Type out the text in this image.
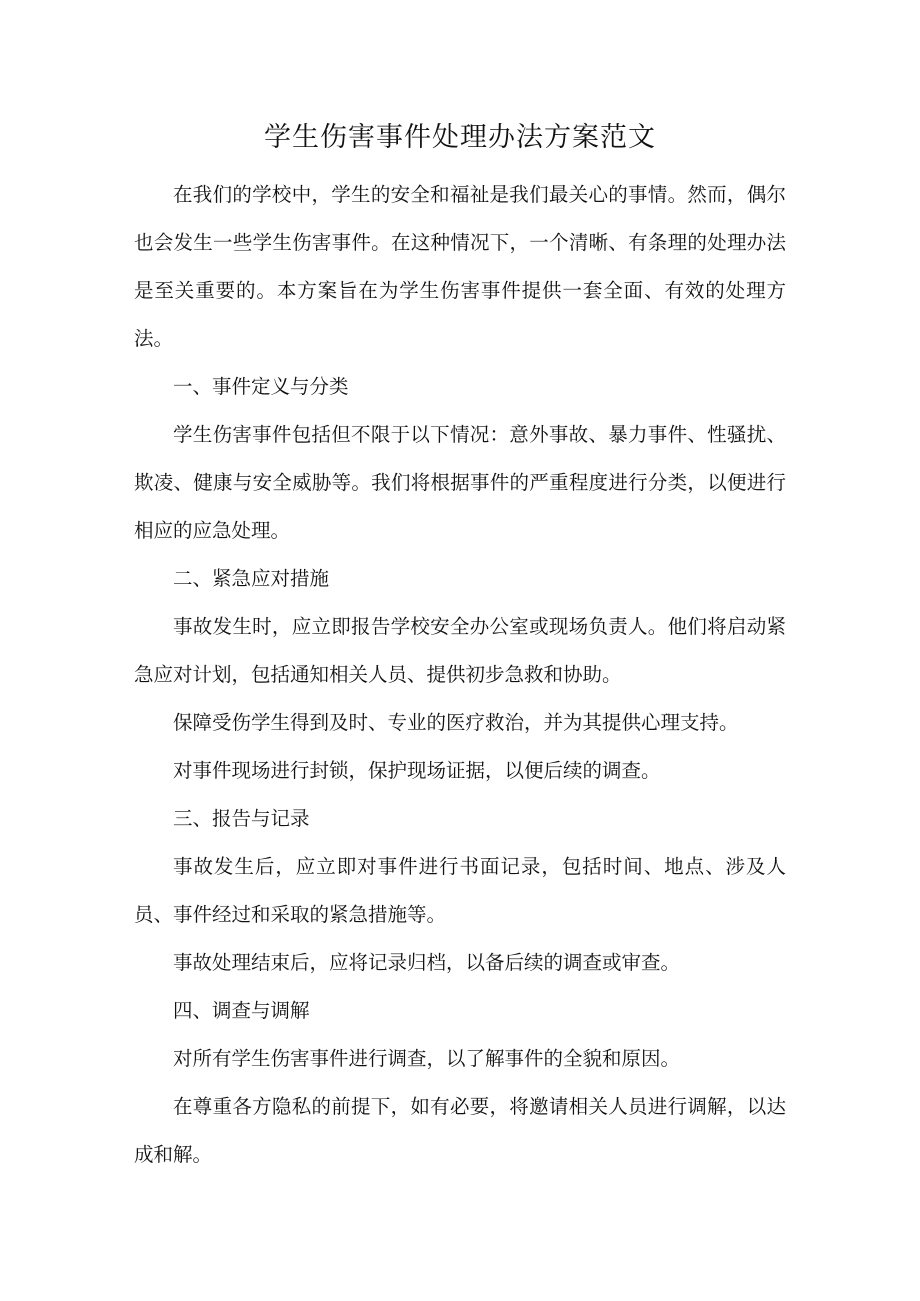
学生伤害事件处理办法方案范文

在我们的学校中，学生的安全和福祉是我们最关心的事情。然而，偶尔也会发生一些学生伤害事件。在这种情况下，一个清晰、有条理的处理办法是至关重要的。本方案旨在为学生伤害事件提供一套全面、有效的处理方法。

一、事件定义与分类

学生伤害事件包括但不限于以下情况：意外事故、暴力事件、性骚扰、欺凌、健康与安全威胁等。我们将根据事件的严重程度进行分类，以便进行相应的应急处理。

二、紧急应对措施

事故发生时，应立即报告学校安全办公室或现场负责人。他们将启动紧急应对计划，包括通知相关人员、提供初步急救和协助。

保障受伤学生得到及时、专业的医疗救治，并为其提供心理支持。

对事件现场进行封锁，保护现场证据，以便后续的调查。

三、报告与记录

事故发生后，应立即对事件进行书面记录，包括时间、地点、涉及人员、事件经过和采取的紧急措施等。

事故处理结束后，应将记录归档，以备后续的调查或审查。

四、调查与调解

对所有学生伤害事件进行调查，以了解事件的全貌和原因。

在尊重各方隐私的前提下，如有必要，将邀请相关人员进行调解，以达成和解。
